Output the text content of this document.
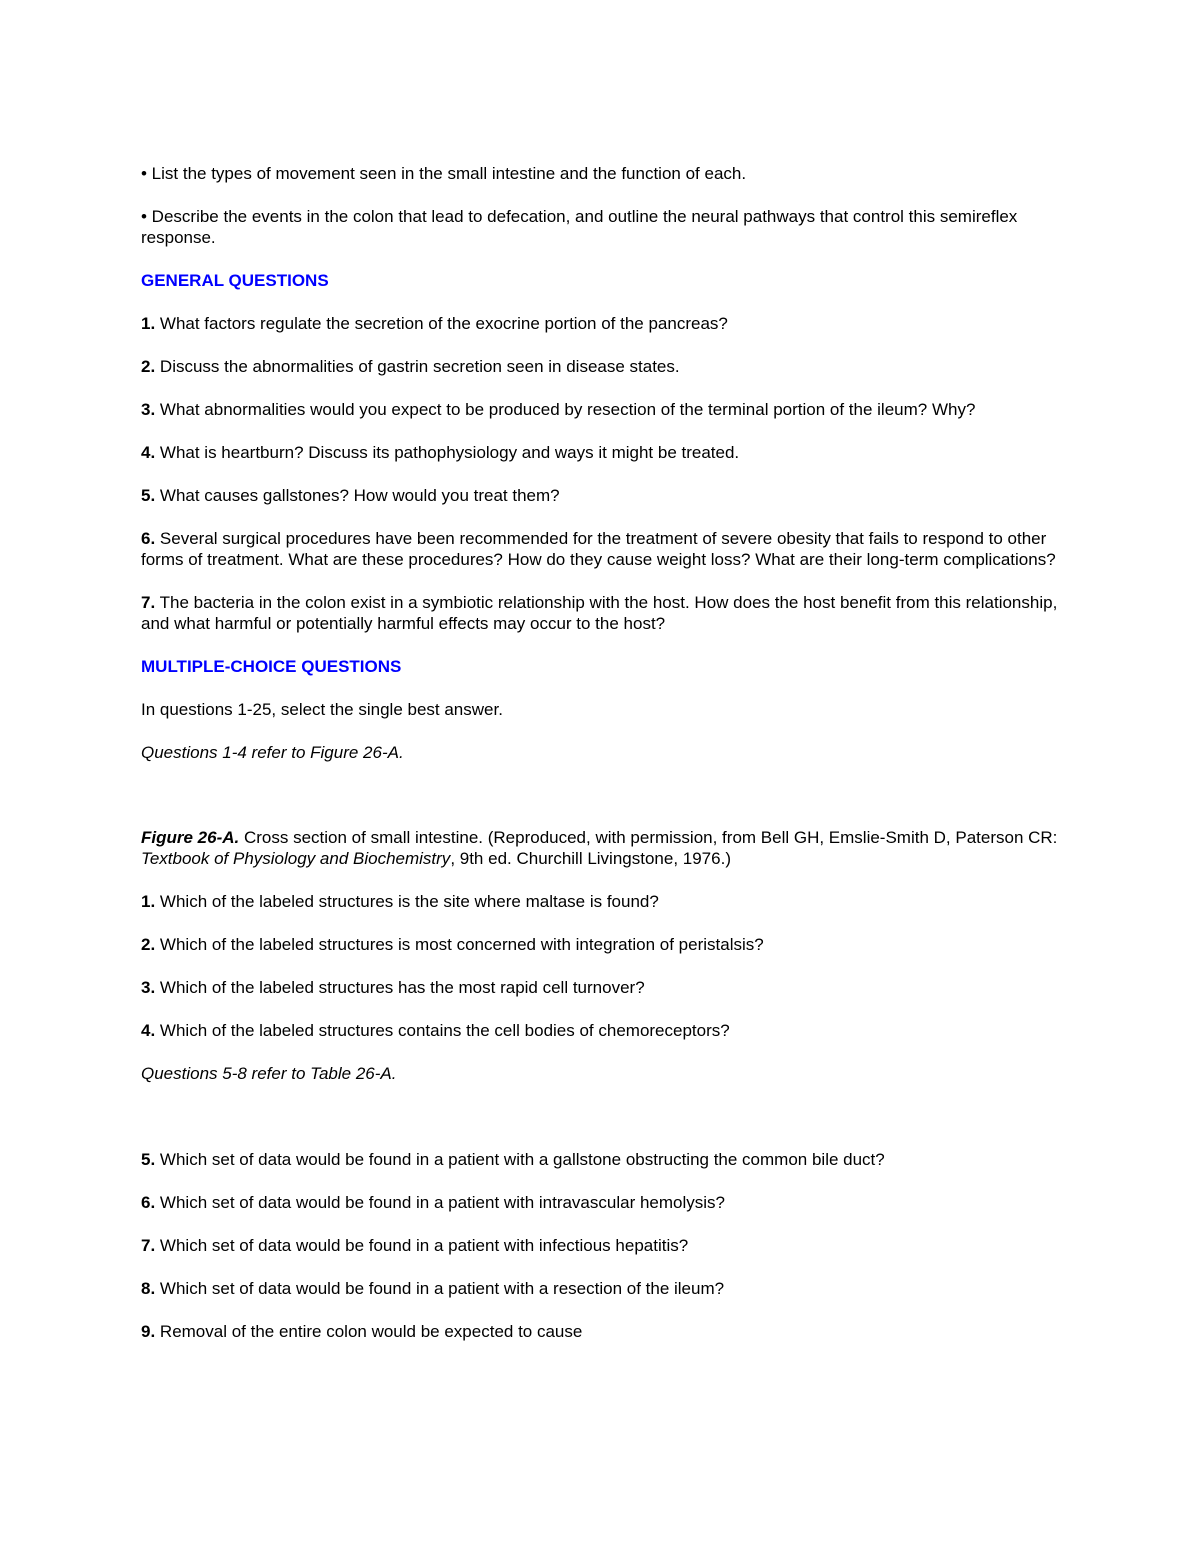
• List the types of movement seen in the small intestine and the function of each.

• Describe the events in the colon that lead to defecation, and outline the neural pathways that control this semireflex response.

GENERAL QUESTIONS

1. What factors regulate the secretion of the exocrine portion of the pancreas?

2. Discuss the abnormalities of gastrin secretion seen in disease states.

3. What abnormalities would you expect to be produced by resection of the terminal portion of the ileum? Why?

4. What is heartburn? Discuss its pathophysiology and ways it might be treated.

5. What causes gallstones? How would you treat them?

6. Several surgical procedures have been recommended for the treatment of severe obesity that fails to respond to other forms of treatment. What are these procedures? How do they cause weight loss? What are their long-term complications?

7. The bacteria in the colon exist in a symbiotic relationship with the host. How does the host benefit from this relationship, and what harmful or potentially harmful effects may occur to the host?

MULTIPLE-CHOICE QUESTIONS

In questions 1-25, select the single best answer.

Questions 1-4 refer to Figure 26-A.

Figure 26-A. Cross section of small intestine. (Reproduced, with permission, from Bell GH, Emslie-Smith D, Paterson CR: Textbook of Physiology and Biochemistry, 9th ed. Churchill Livingstone, 1976.)

1. Which of the labeled structures is the site where maltase is found?

2. Which of the labeled structures is most concerned with integration of peristalsis?

3. Which of the labeled structures has the most rapid cell turnover?

4. Which of the labeled structures contains the cell bodies of chemoreceptors?

Questions 5-8 refer to Table 26-A.

5. Which set of data would be found in a patient with a gallstone obstructing the common bile duct?

6. Which set of data would be found in a patient with intravascular hemolysis?

7. Which set of data would be found in a patient with infectious hepatitis?

8. Which set of data would be found in a patient with a resection of the ileum?

9. Removal of the entire colon would be expected to cause
